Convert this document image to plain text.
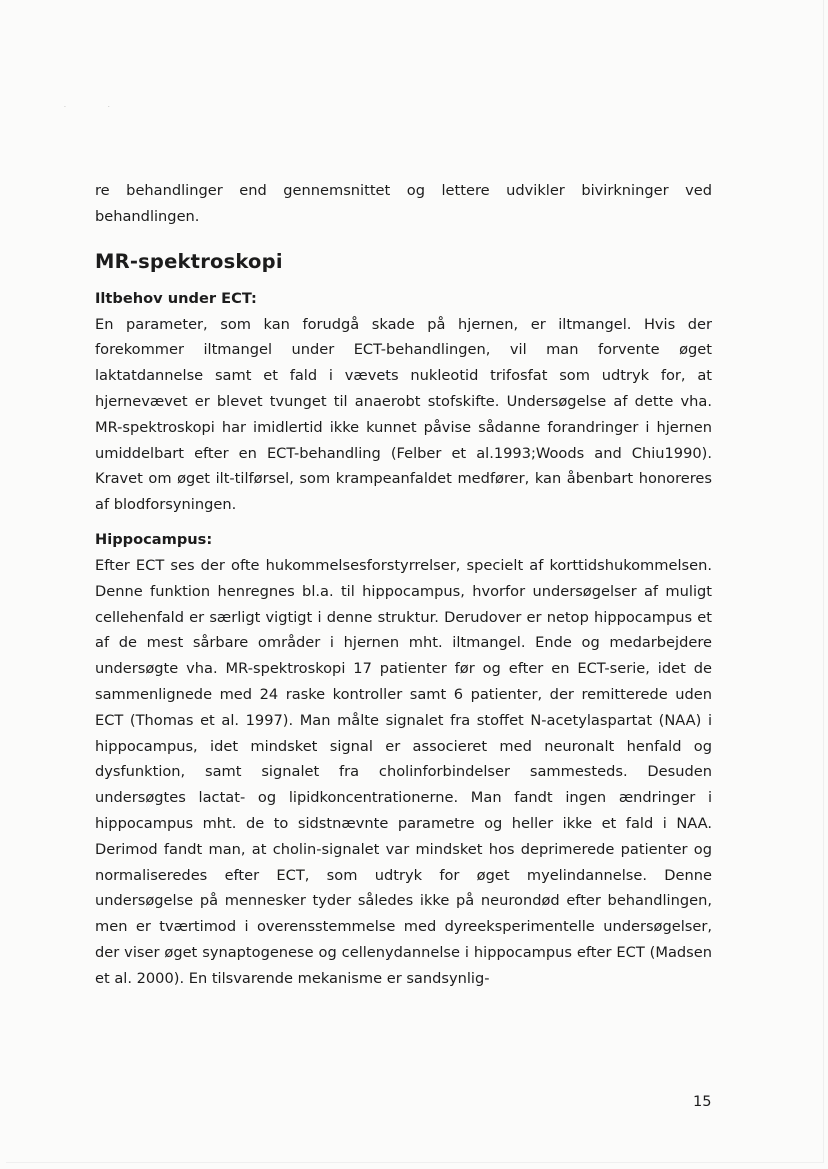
··

re behandlinger end gennemsnittet og lettere udvikler bivirkninger ved behandlingen.

MR-spektroskopi
Iltbehov under ECT:

En parameter, som kan forudgå skade på hjernen, er iltmangel. Hvis der forekommer iltmangel under ECT-behandlingen, vil man forvente øget laktatdannelse samt et fald i vævets nukleotid trifosfat som udtryk for, at hjernevævet er blevet tvunget til anaerobt stofskifte. Undersøgelse af dette vha. MR-spektroskopi har imidlertid ikke kunnet påvise sådanne forandringer i hjernen umiddelbart efter en ECT-behandling (Felber et al.1993;Woods and Chiu1990). Kravet om øget ilt-tilførsel, som krampeanfaldet medfører, kan åbenbart honoreres af blodforsyningen.

Hippocampus:

Efter ECT ses der ofte hukommelsesforstyrrelser, specielt af korttidshukommelsen. Denne funktion henregnes bl.a. til hippocampus, hvorfor undersøgelser af muligt cellehenfald er særligt vigtigt i denne struktur. Derudover er netop hippocampus et af de mest sårbare områder i hjernen mht. iltmangel. Ende og medarbejdere undersøgte vha. MR-spektroskopi 17 patienter før og efter en ECT-serie, idet de sammenlignede med 24 raske kontroller samt 6 patienter, der remitterede uden ECT (Thomas et al. 1997). Man målte signalet fra stoffet N-acetylaspartat (NAA) i hippocampus, idet mindsket signal er associeret med neuronalt henfald og dysfunktion, samt signalet fra cholinforbindelser sammesteds. Desuden undersøgtes lactat- og lipidkoncentrationerne. Man fandt ingen ændringer i hippocampus mht. de to sidstnævnte parametre og heller ikke et fald i NAA. Derimod fandt man, at cholin-signalet var mindsket hos deprimerede patienter og normaliseredes efter ECT, som udtryk for øget myelindannelse. Denne undersøgelse på mennesker tyder således ikke på neurondød efter behandlingen, men er tværtimod i overensstemmelse med dyreeksperimentelle undersøgelser, der viser øget synaptogenese og cellenydannelse i hippocampus efter ECT (Madsen et al. 2000). En tilsvarende mekanisme er sandsynlig-

15
